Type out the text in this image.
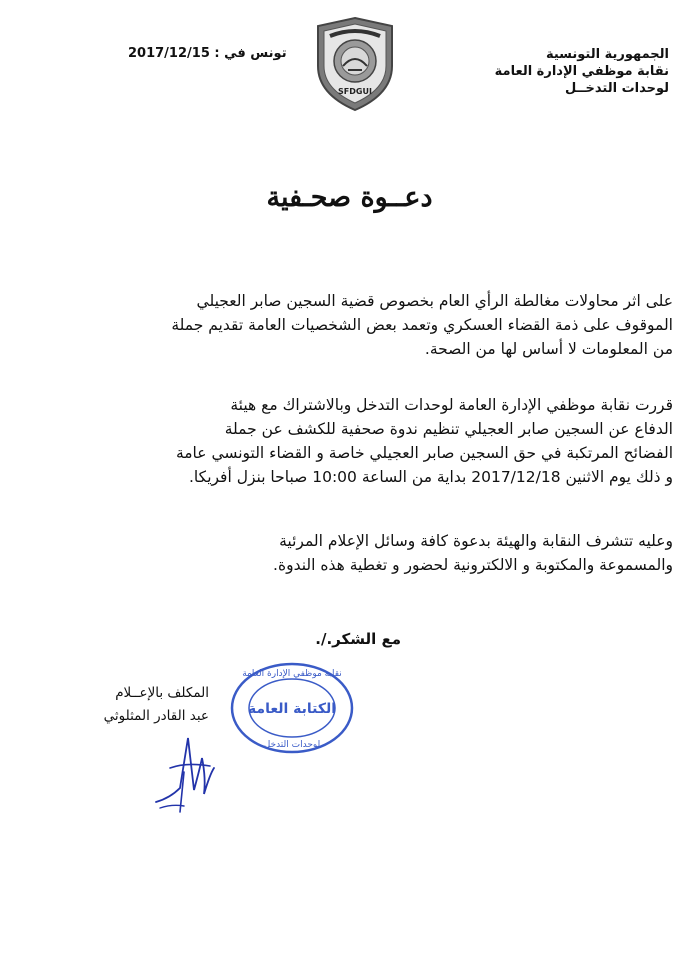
الجمهورية التونسية
نقابة موظفي الإدارة العامة
لوحدات التدخــل
تونس في : 2017/12/15
SFDGUI
دعــوة صحـفية

على اثر محاولات مغالطة الرأي العام بخصوص قضية السجين صابر العجيلي

الموقوف على ذمة القضاء العسكري وتعمد بعض الشخصيات العامة تقديم جملة

من المعلومات لا أساس لها من الصحة.

قررت نقابة موظفي الإدارة العامة لوحدات التدخل وبالاشتراك مع هيئة

الدفاع عن السجين صابر العجيلي تنظيم ندوة صحفية للكشف عن جملة

الفضائح المرتكبة في حق السجين صابر العجيلي خاصة و القضاء التونسي عامة

و ذلك يوم الاثنين 2017/12/18 بداية من الساعة 10:00 صباحا بنزل أفريكا.

وعليه تتشرف النقابة والهيئة بدعوة كافة وسائل الإعلام المرئية

والمسموعة والمكتوبة و الالكترونية لحضور و تغطية هذه الندوة.

مع الشكر./.
المكلف بالإعــلام
عبد القادر المثلوثي
نقابة موظفي الإدارة العامة
الكتابة العامة
لوحدات التدخل
